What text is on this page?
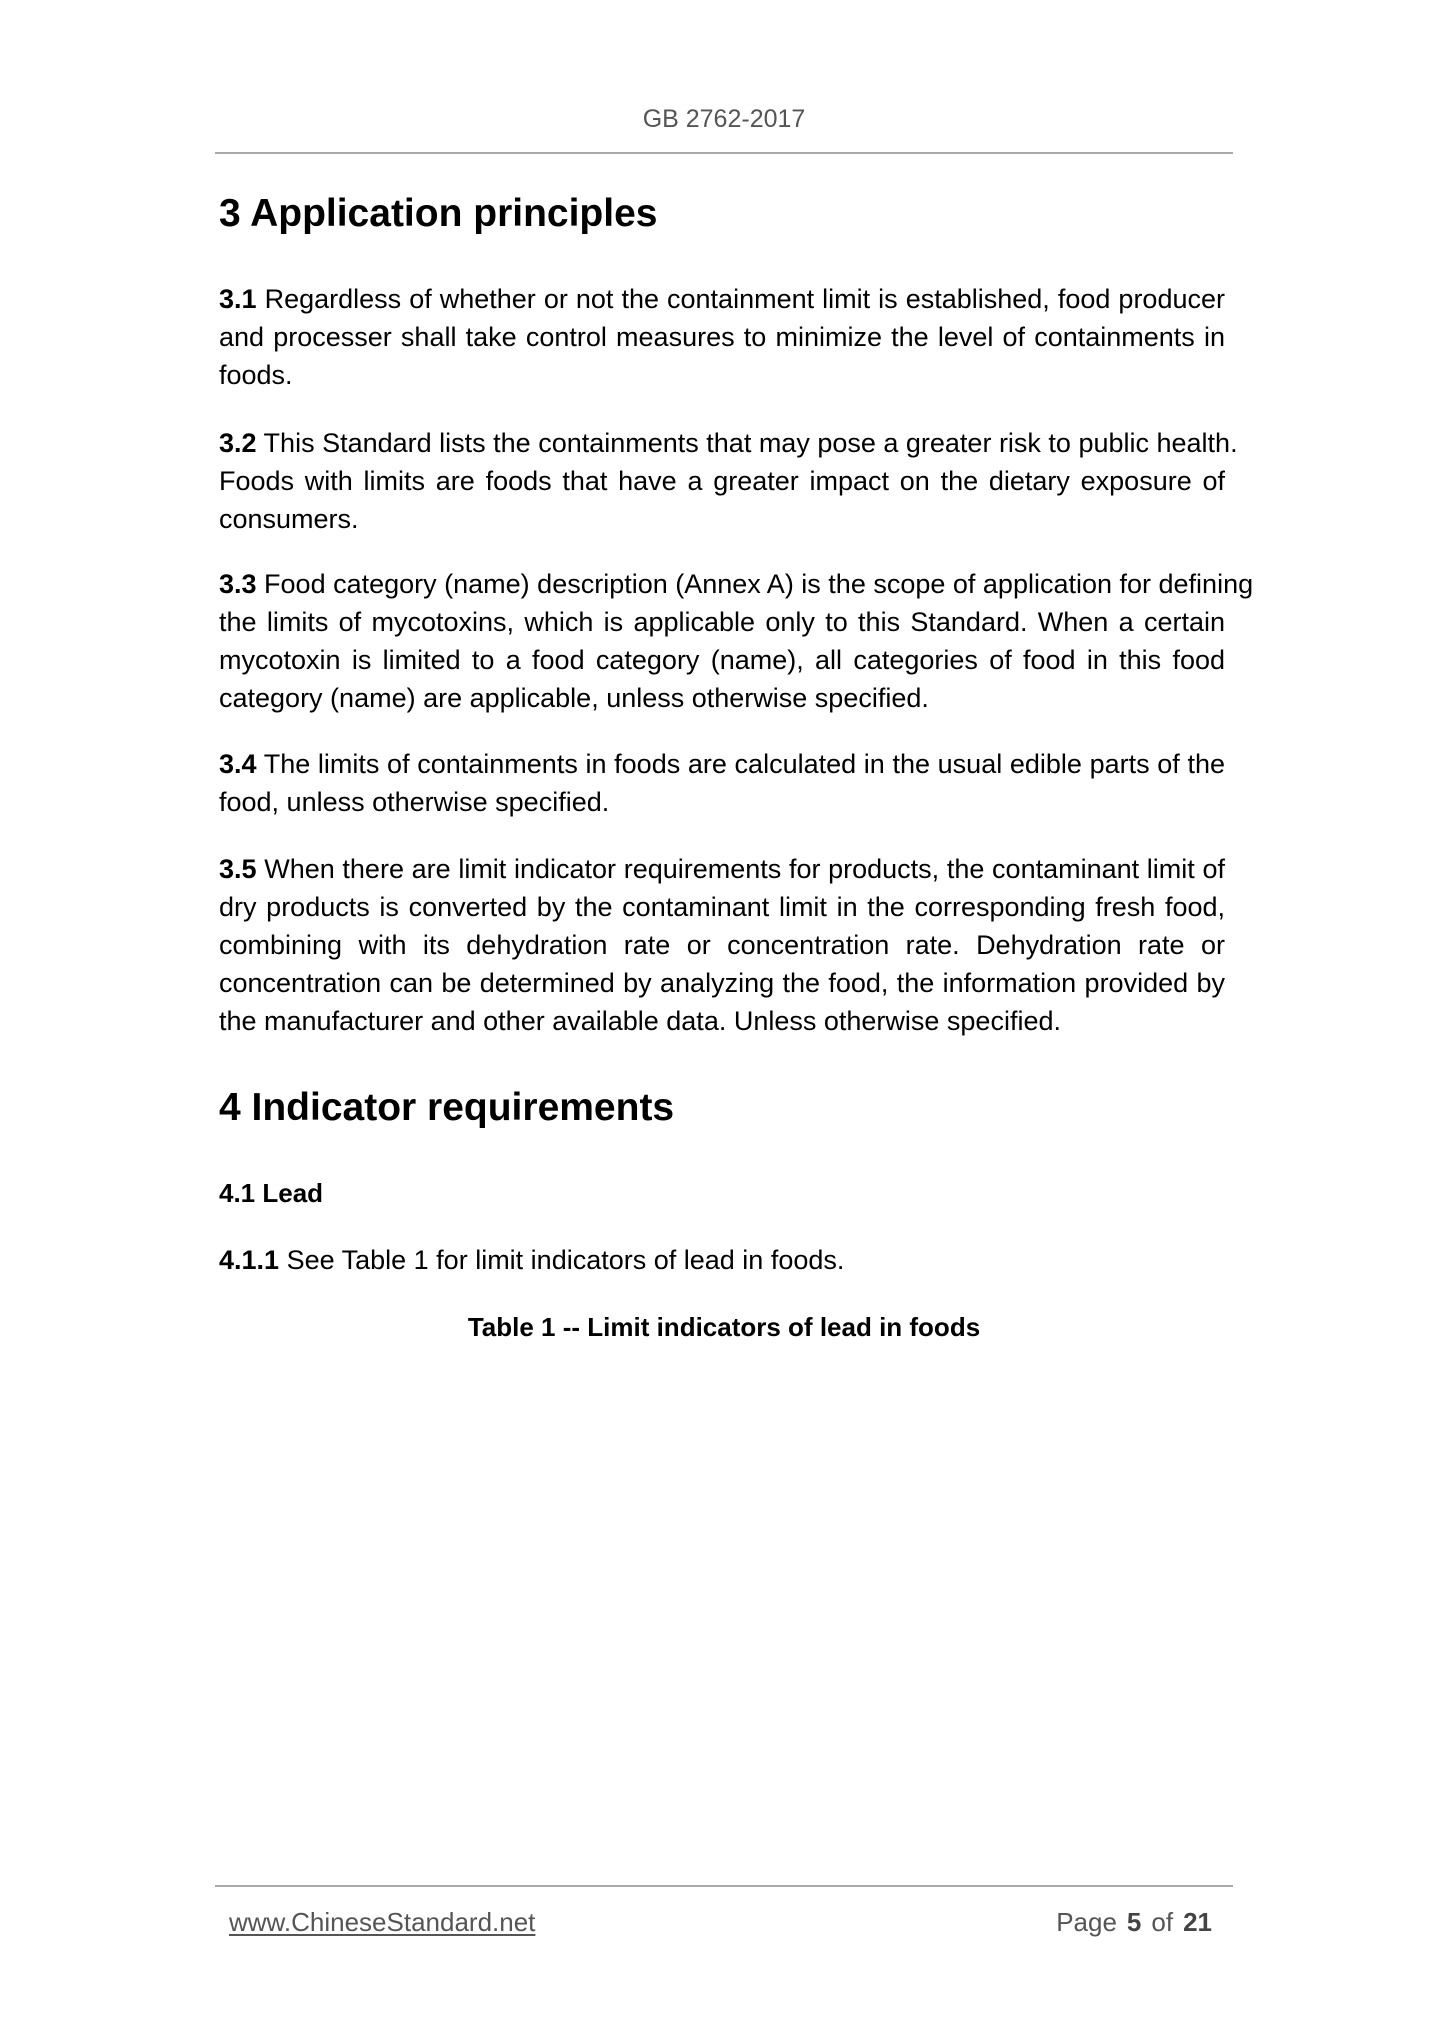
GB 2762-2017
3 Application principles
3.1 Regardless of whether or not the containment limit is established, food producer
and processer shall take control measures to minimize the level of containments in
foods.
3.2 This Standard lists the containments that may pose a greater risk to public health.
Foods with limits are foods that have a greater impact on the dietary exposure of
consumers.
3.3 Food category (name) description (Annex A) is the scope of application for defining
the limits of mycotoxins, which is applicable only to this Standard. When a certain
mycotoxin is limited to a food category (name), all categories of food in this food
category (name) are applicable, unless otherwise specified.
3.4 The limits of containments in foods are calculated in the usual edible parts of the
food, unless otherwise specified.
3.5 When there are limit indicator requirements for products, the contaminant limit of
dry products is converted by the contaminant limit in the corresponding fresh food,
combining with its dehydration rate or concentration rate. Dehydration rate or
concentration can be determined by analyzing the food, the information provided by
the manufacturer and other available data. Unless otherwise specified.
4 Indicator requirements
4.1 Lead
4.1.1 See Table 1 for limit indicators of lead in foods.
Table 1 -- Limit indicators of lead in foods
www.ChineseStandard.net	Page 5 of 21
